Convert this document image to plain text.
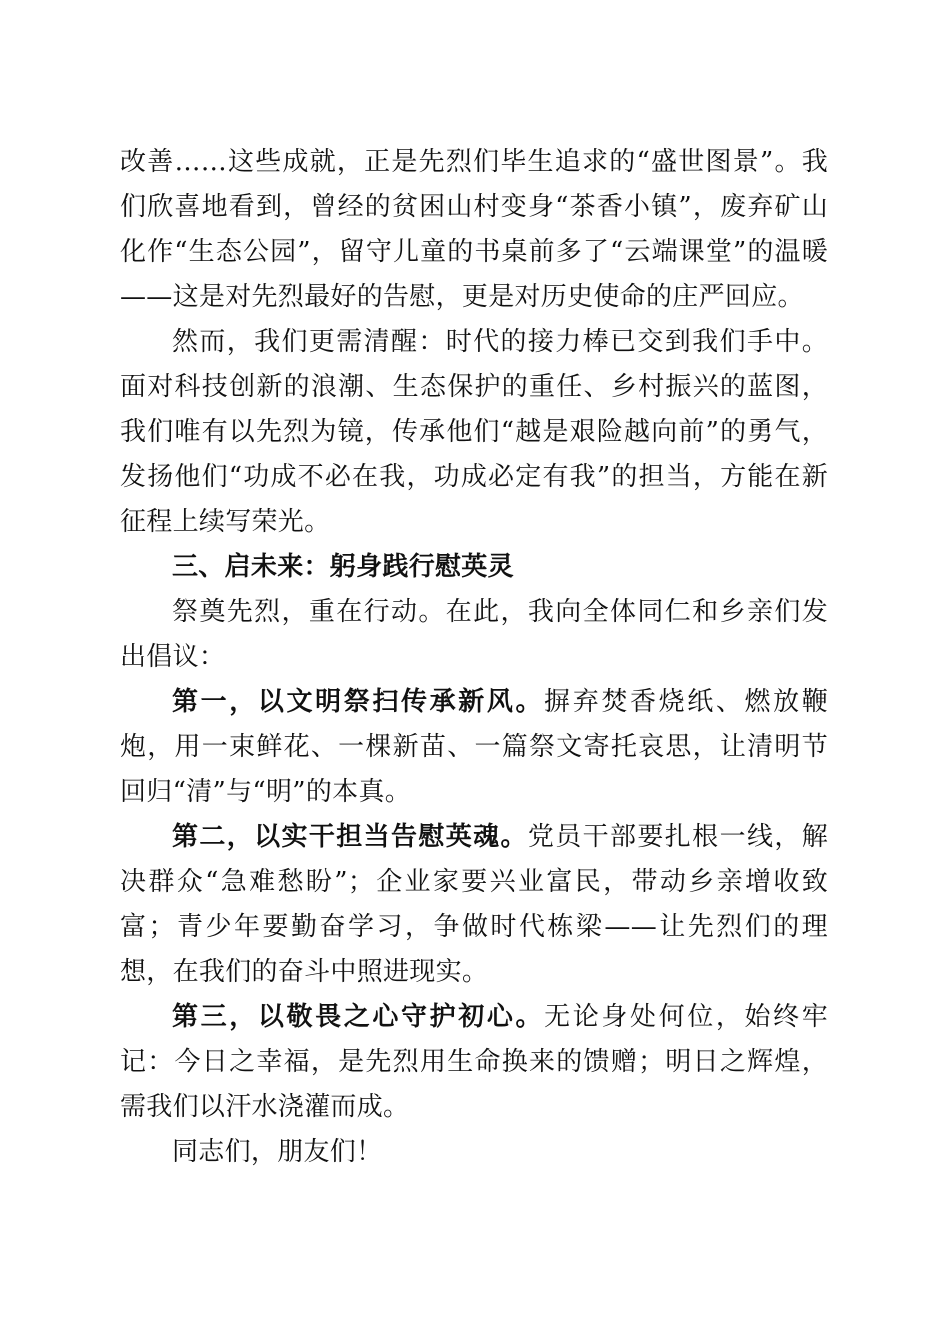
改善……这些成就，正是先烈们毕生追求的“盛世图景”。我们欣喜地看到，曾经的贫困山村变身“茶香小镇”，废弃矿山化作“生态公园”，留守儿童的书桌前多了“云端课堂”的温暖——这是对先烈最好的告慰，更是对历史使命的庄严回应。

然而，我们更需清醒：时代的接力棒已交到我们手中。面对科技创新的浪潮、生态保护的重任、乡村振兴的蓝图，我们唯有以先烈为镜，传承他们“越是艰险越向前”的勇气，发扬他们“功成不必在我，功成必定有我”的担当，方能在新征程上续写荣光。

三、启未来：躬身践行慰英灵

祭奠先烈，重在行动。在此，我向全体同仁和乡亲们发出倡议：

第一，以文明祭扫传承新风。摒弃焚香烧纸、燃放鞭炮，用一束鲜花、一棵新苗、一篇祭文寄托哀思，让清明节回归“清”与“明”的本真。

第二，以实干担当告慰英魂。党员干部要扎根一线，解决群众“急难愁盼”；企业家要兴业富民，带动乡亲增收致富；青少年要勤奋学习，争做时代栋梁——让先烈们的理想，在我们的奋斗中照进现实。

第三，以敬畏之心守护初心。无论身处何位，始终牢记：今日之幸福，是先烈用生命换来的馈赠；明日之辉煌，需我们以汗水浇灌而成。

同志们，朋友们！
